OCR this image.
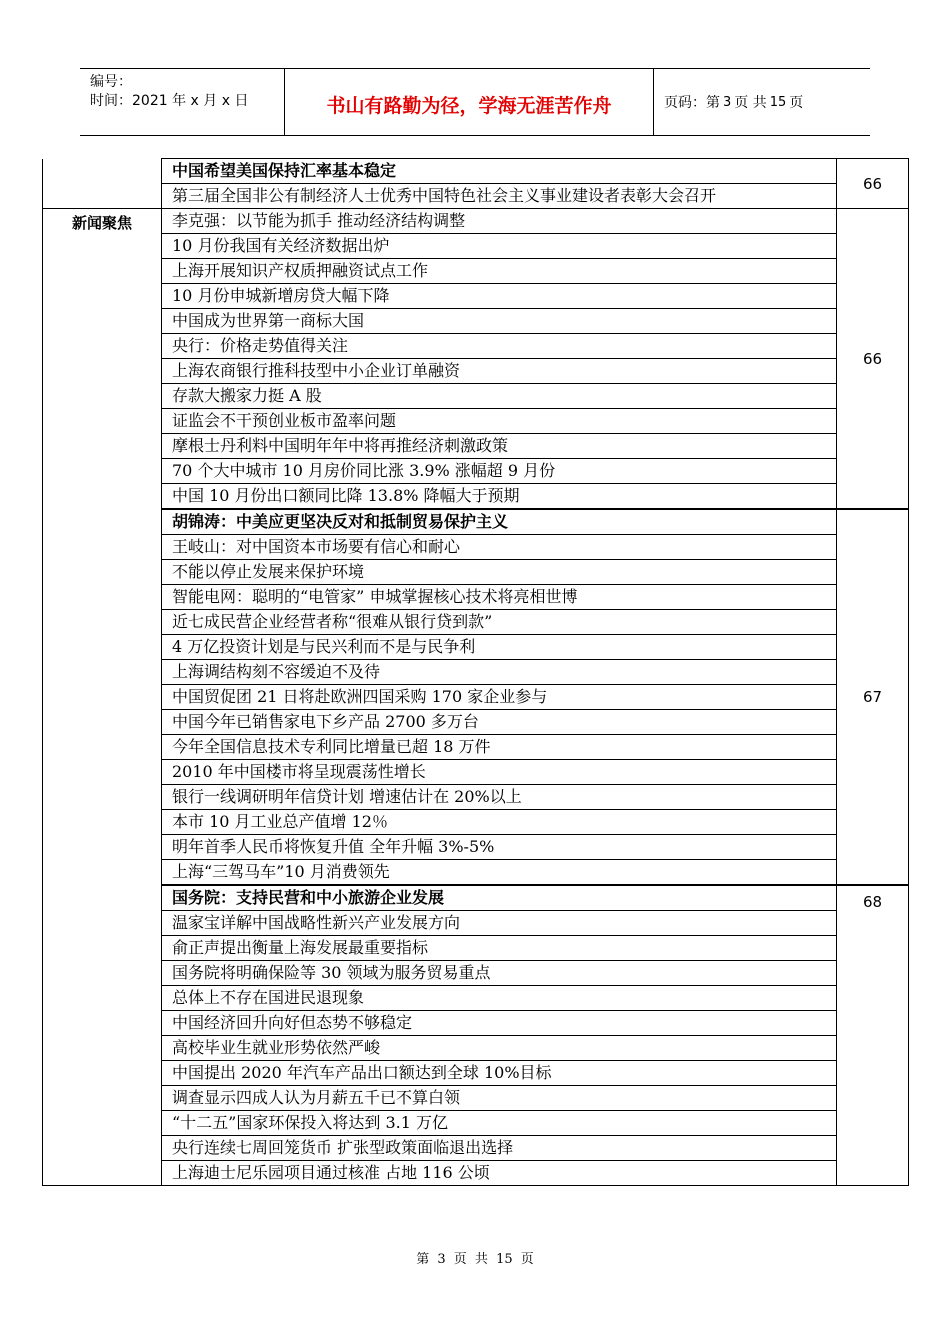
编号：
时间：2021 年 x 月 x 日	书山有路勤为径，学海无涯苦作舟	页码：第 3 页 共 15 页
	中国希望美国保持汇率基本稳定	66
	第三届全国非公有制经济人士优秀中国特色社会主义事业建设者表彰大会召开	
新闻聚焦	李克强：以节能为抓手 推动经济结构调整	66
	10 月份我国有关经济数据出炉	
	上海开展知识产权质押融资试点工作	
	10 月份申城新增房贷大幅下降	
	中国成为世界第一商标大国	
	央行：价格走势值得关注	
	上海农商银行推科技型中小企业订单融资	
	存款大搬家力挺 A 股	
	证监会不干预创业板市盈率问题	
	摩根士丹利料中国明年年中将再推经济刺激政策	
	70 个大中城市 10 月房价同比涨 3.9% 涨幅超 9 月份	
	中国 10 月份出口额同比降 13.8% 降幅大于预期	
	胡锦涛：中美应更坚决反对和抵制贸易保护主义	67
	王岐山：对中国资本市场要有信心和耐心	
	不能以停止发展来保护环境	
	智能电网：聪明的“电管家” 申城掌握核心技术将亮相世博	
	近七成民营企业经营者称“很难从银行贷到款”	
	4 万亿投资计划是与民兴利而不是与民争利	
	上海调结构刻不容缓迫不及待	
	中国贸促团 21 日将赴欧洲四国采购 170 家企业参与	
	中国今年已销售家电下乡产品 2700 多万台	
	今年全国信息技术专利同比增量已超 18 万件	
	2010 年中国楼市将呈现震荡性增长	
	银行一线调研明年信贷计划 增速估计在 20%以上	
	本市 10 月工业总产值增 12％	
	明年首季人民币将恢复升值 全年升幅 3%-5%	
	上海“三驾马车”10 月消费领先	
	国务院：支持民营和中小旅游企业发展	68
	温家宝详解中国战略性新兴产业发展方向	
	俞正声提出衡量上海发展最重要指标	
	国务院将明确保险等 30 领域为服务贸易重点	
	总体上不存在国进民退现象	
	中国经济回升向好但态势不够稳定	
	高校毕业生就业形势依然严峻	
	中国提出 2020 年汽车产品出口额达到全球 10%目标	
	调查显示四成人认为月薪五千已不算白领	
	“十二五”国家环保投入将达到 3.1 万亿	
	央行连续七周回笼货币 扩张型政策面临退出选择	
	上海迪士尼乐园项目通过核准 占地 116 公顷	
第 3 页 共 15 页
